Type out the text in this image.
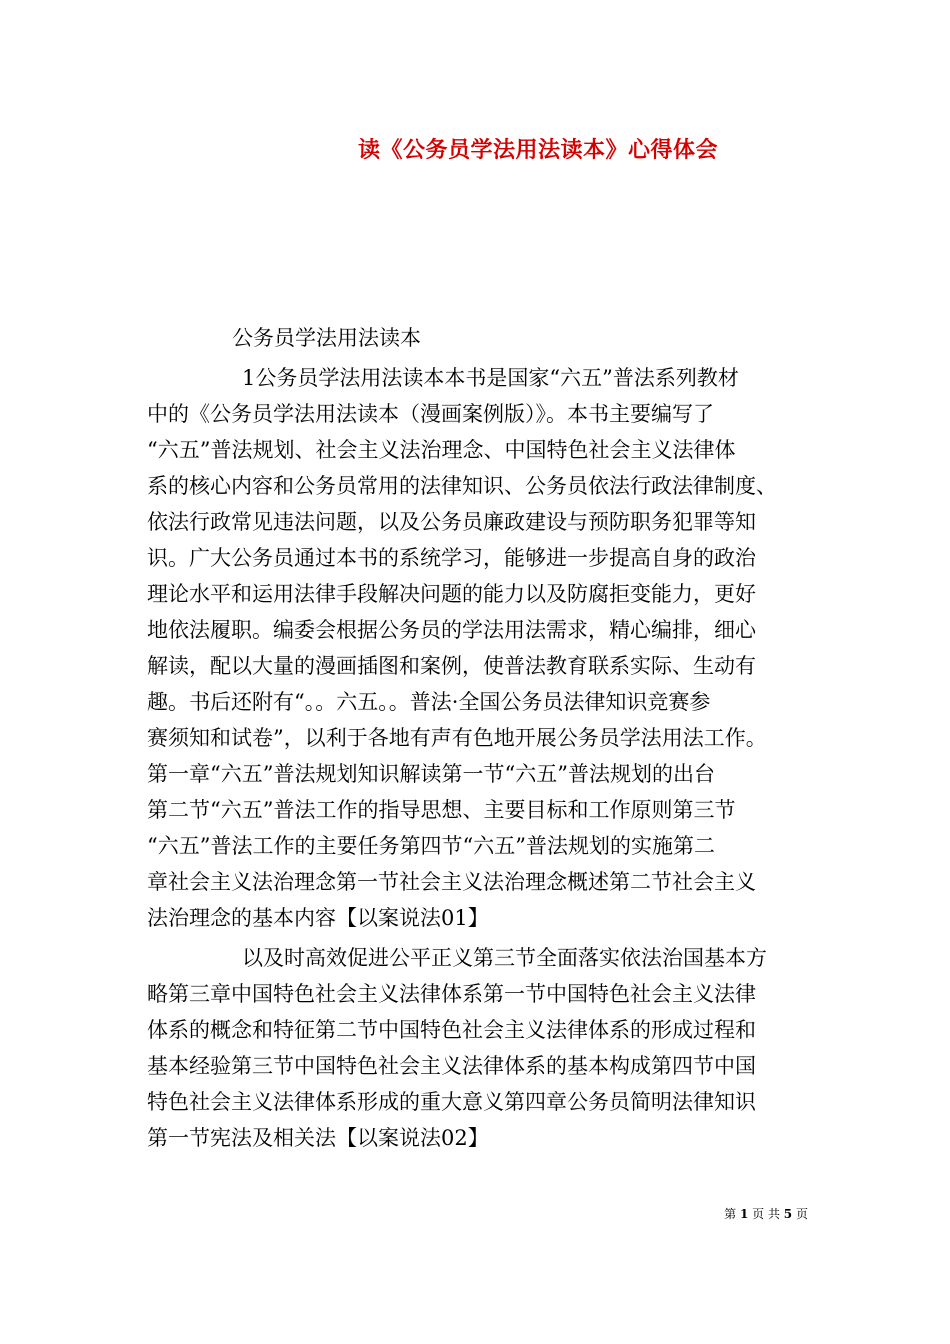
读《公务员学法用法读本》心得体会
公务员学法用法读本
1公务员学法用法读本本书是国家“六五”普法系列教材
中的《公务员学法用法读本（漫画案例版）》。本书主要编写了
“六五”普法规划、社会主义法治理念、中国特色社会主义法律体
系的核心内容和公务员常用的法律知识、公务员依法行政法律制度、
依法行政常见违法问题，以及公务员廉政建设与预防职务犯罪等知
识。广大公务员通过本书的系统学习，能够进一步提高自身的政治
理论水平和运用法律手段解决问题的能力以及防腐拒变能力，更好
地依法履职。编委会根据公务员的学法用法需求，精心编排，细心
解读，配以大量的漫画插图和案例，使普法教育联系实际、生动有
趣。书后还附有“。。六五。。普法·全国公务员法律知识竞赛参
赛须知和试卷”，以利于各地有声有色地开展公务员学法用法工作。
第一章“六五”普法规划知识解读第一节“六五”普法规划的出台
第二节“六五”普法工作的指导思想、主要目标和工作原则第三节
“六五”普法工作的主要任务第四节“六五”普法规划的实施第二
章社会主义法治理念第一节社会主义法治理念概述第二节社会主义
法治理念的基本内容【以案说法01】
以及时高效促进公平正义第三节全面落实依法治国基本方
略第三章中国特色社会主义法律体系第一节中国特色社会主义法律
体系的概念和特征第二节中国特色社会主义法律体系的形成过程和
基本经验第三节中国特色社会主义法律体系的基本构成第四节中国
特色社会主义法律体系形成的重大意义第四章公务员简明法律知识
第一节宪法及相关法【以案说法02】
第 1 页 共 5 页
